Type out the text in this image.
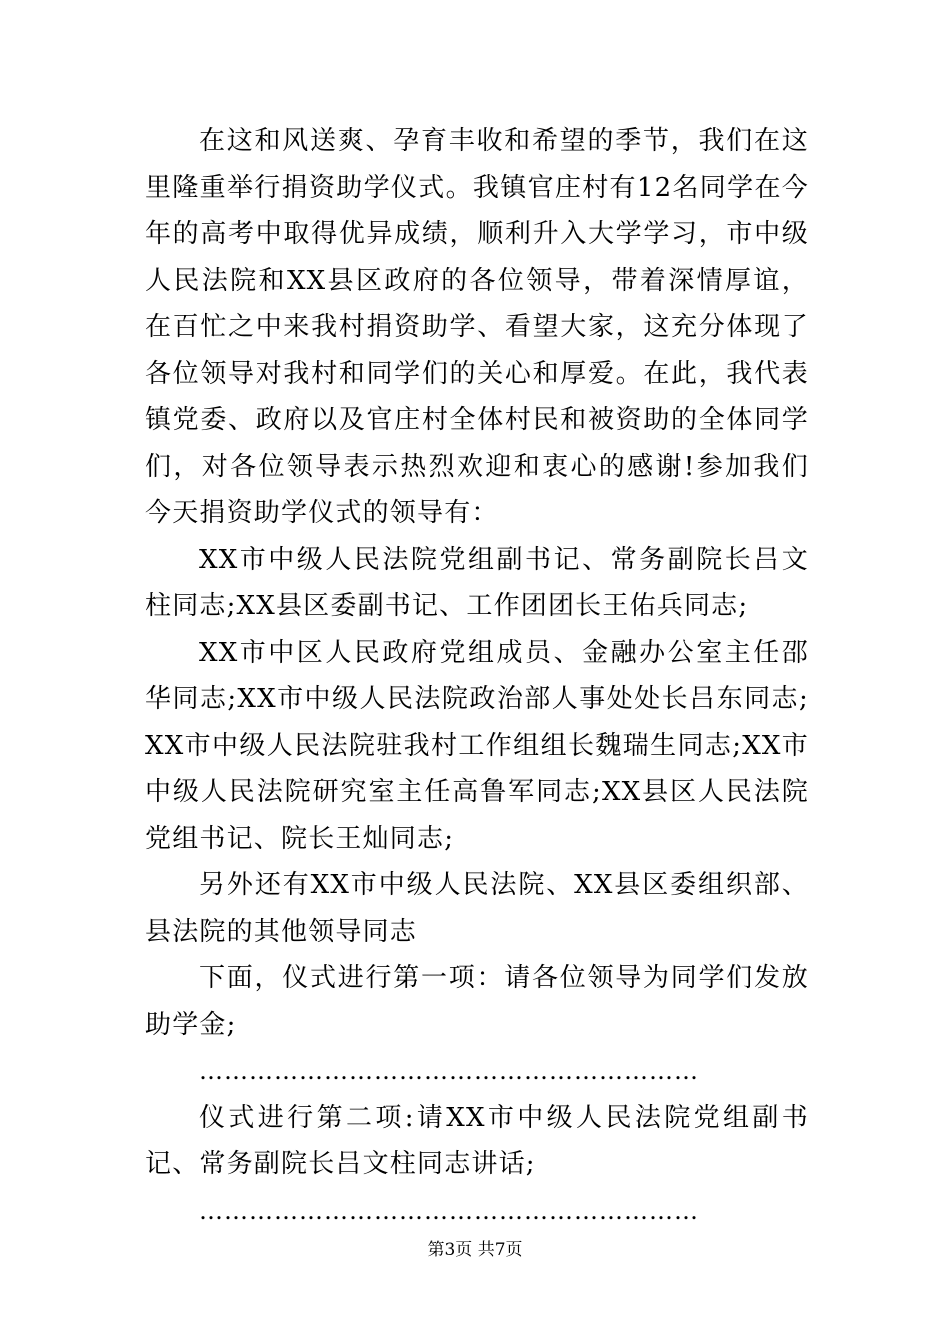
在这和风送爽、孕育丰收和希望的季节，我们在这里隆重举行捐资助学仪式。我镇官庄村有12名同学在今年的高考中取得优异成绩，顺利升入大学学习，市中级人民法院和XX县区政府的各位领导，带着深情厚谊，在百忙之中来我村捐资助学、看望大家，这充分体现了各位领导对我村和同学们的关心和厚爱。在此，我代表镇党委、政府以及官庄村全体村民和被资助的全体同学们，对各位领导表示热烈欢迎和衷心的感谢!参加我们今天捐资助学仪式的领导有：

XX市中级人民法院党组副书记、常务副院长吕文柱同志;XX县区委副书记、工作团团长王佑兵同志;

XX市中区人民政府党组成员、金融办公室主任邵华同志;XX市中级人民法院政治部人事处处长吕东同志;XX市中级人民法院驻我村工作组组长魏瑞生同志;XX市中级人民法院研究室主任高鲁军同志;XX县区人民法院党组书记、院长王灿同志;

另外还有XX市中级人民法院、XX县区委组织部、县法院的其他领导同志

下面，仪式进行第一项：请各位领导为同学们发放助学金;

……………………………………………………

仪式进行第二项:请XX市中级人民法院党组副书记、常务副院长吕文柱同志讲话;

……………………………………………………

第3页 共7页
